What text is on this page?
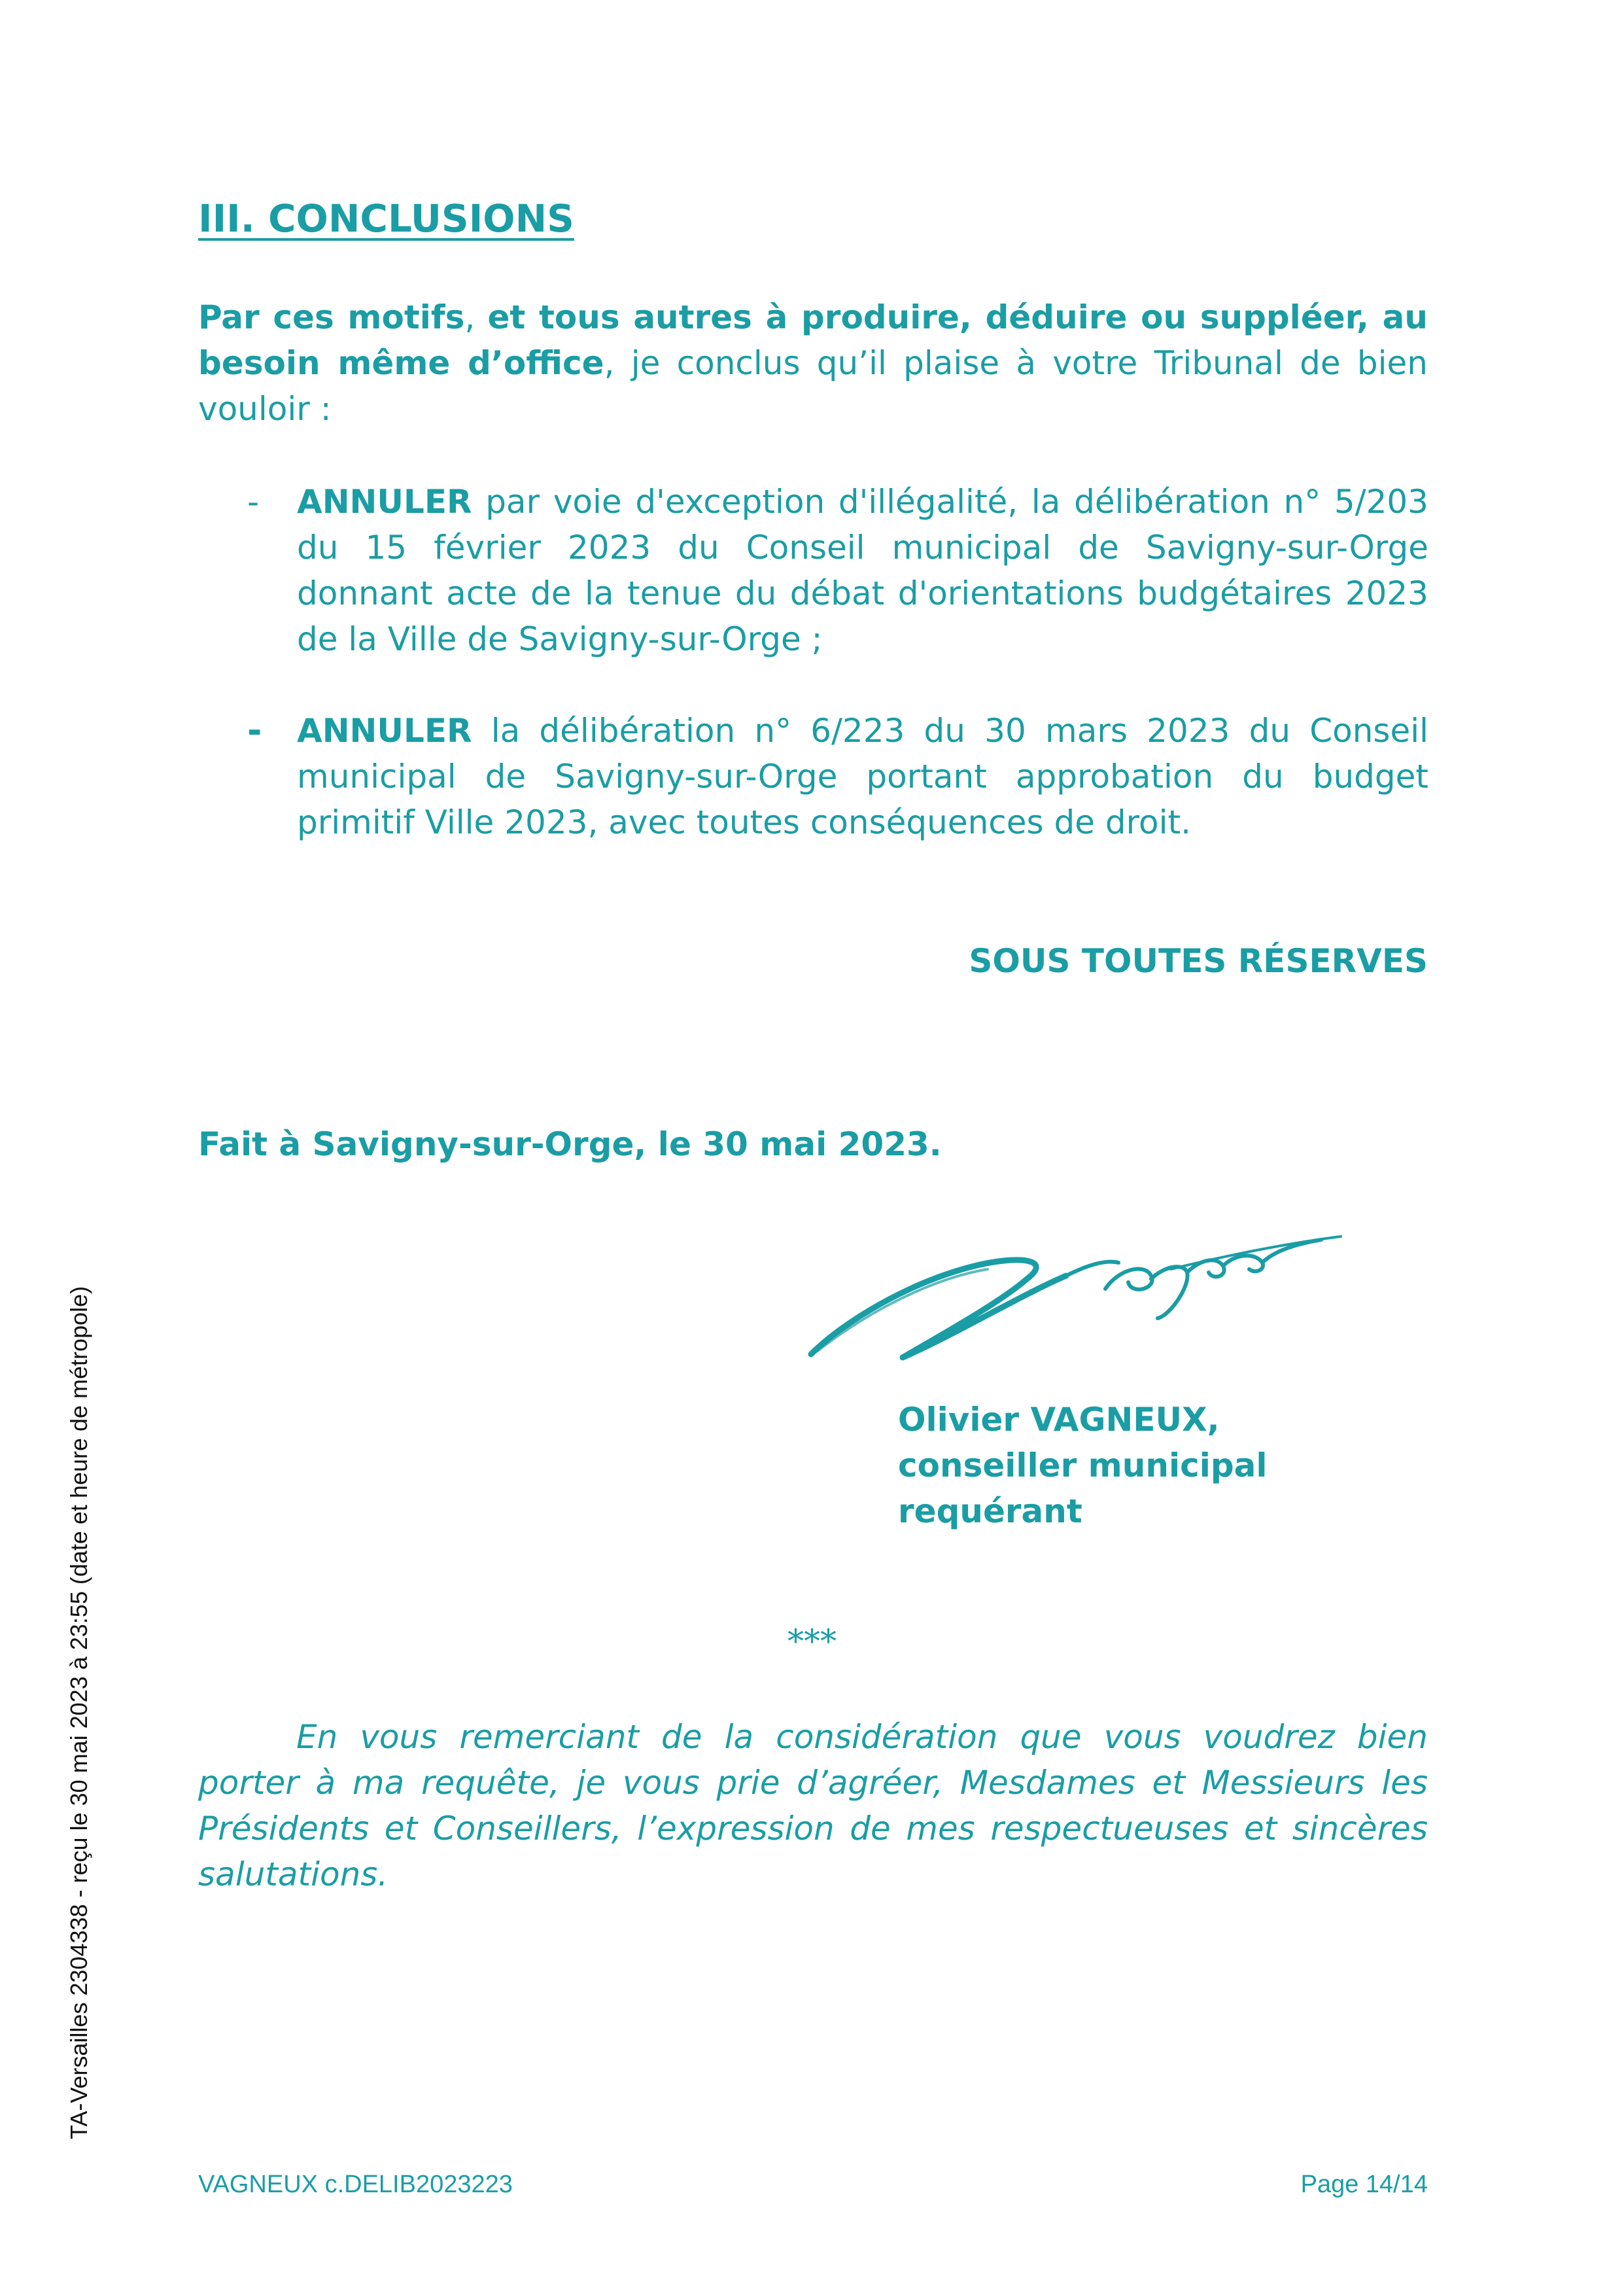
III. CONCLUSIONS

Par ces motifs, et tous autres à produire, déduire ou suppléer, au besoin même d’office, je conclus qu’il plaise à votre Tribunal de bien vouloir :

- ANNULER par voie d'exception d'illégalité, la délibération n° 5/203 du 15 février 2023 du Conseil municipal de Savigny-sur-Orge donnant acte de la tenue du débat d'orientations budgétaires 2023 de la Ville de Savigny-sur-Orge ;

- ANNULER la délibération n° 6/223 du 30 mars 2023 du Conseil municipal de Savigny-sur-Orge portant approbation du budget primitif Ville 2023, avec toutes conséquences de droit.

SOUS TOUTES RÉSERVES
Fait à Savigny-sur-Orge, le 30 mai 2023.
Olivier VAGNEUX,
conseiller municipal
requérant
***

En vous remerciant de la considération que vous voudrez bien porter à ma requête, je vous prie d’agréer, Mesdames et Messieurs les Présidents et Conseillers, l’expression de mes respectueuses et sincères salutations.

VAGNEUX c.DELIB2023223	Page 14/14
TA-Versailles 2304338 - reçu le 30 mai 2023 à 23:55 (date et heure de métropole)
